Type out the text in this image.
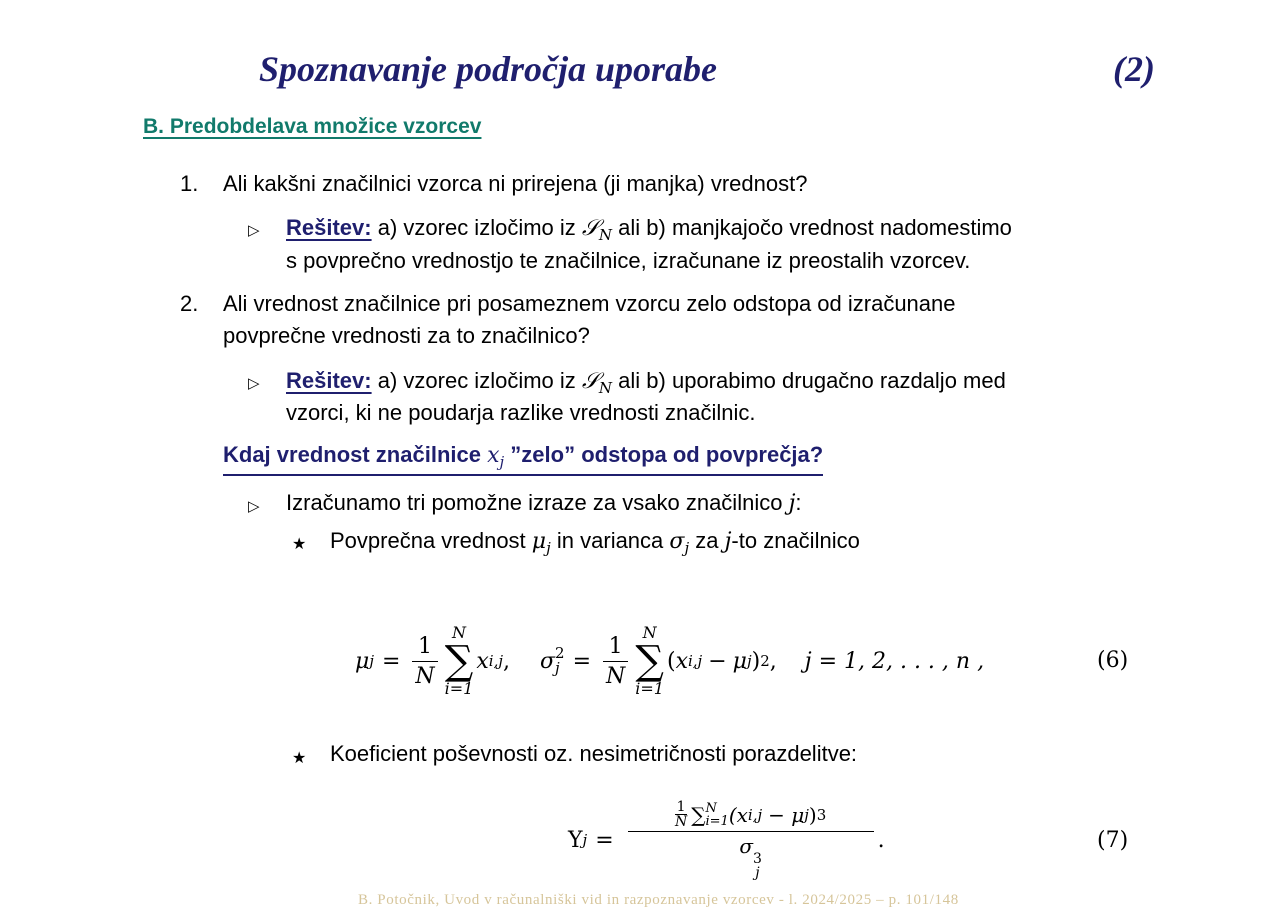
Spoznavanje področja uporabe	(2)
B. Predobdelava množice vzorcev
1. Ali kakšni značilnici vzorca ni prirejena (ji manjka) vrednost?
▷ Rešitev: a) vzorec izločimo iz 𝒮$_N$ ali b) manjkajočo vrednost nadomestimo
s povprečno vrednostjo te značilnice, izračunane iz preostalih vzorcev.
2. Ali vrednost značilnice pri posameznem vzorcu zelo odstopa od izračunane
povprečne vrednosti za to značilnico?
▷ Rešitev: a) vzorec izločimo iz 𝒮$_N$ ali b) uporabimo drugačno razdaljo med
vzorci, ki ne poudarja razlike vrednosti značilnic.
Kdaj vrednost značilnice $x_j$ ”zelo” odstopa od povprečja?
▷ Izračunamo tri pomožne izraze za vsako značilnico j:
★ Povprečna vrednost $\mu_j$ in varianca $\sigma_j$ za j-to značilnico
μ $j = \frac{1}{N}$
N
∑
i=1
x i,j , σ 2
$j = \frac{1}{N}$
N
∑
i=1
( x i,j − μ j ) 2 , j = 1, 2, . . . , n ,	(6)
★ Koeficient poševnosti oz. nesimetričnosti porazdelitve:
Υ j = 1
N ∑ N
i=1 (x i,j − μ j ) 3
σ
3
j .	(7)
B. Potočnik, Uvod v računalniški vid in razpoznavanje vzorcev - l. 2024/2025 – p. 101/148
